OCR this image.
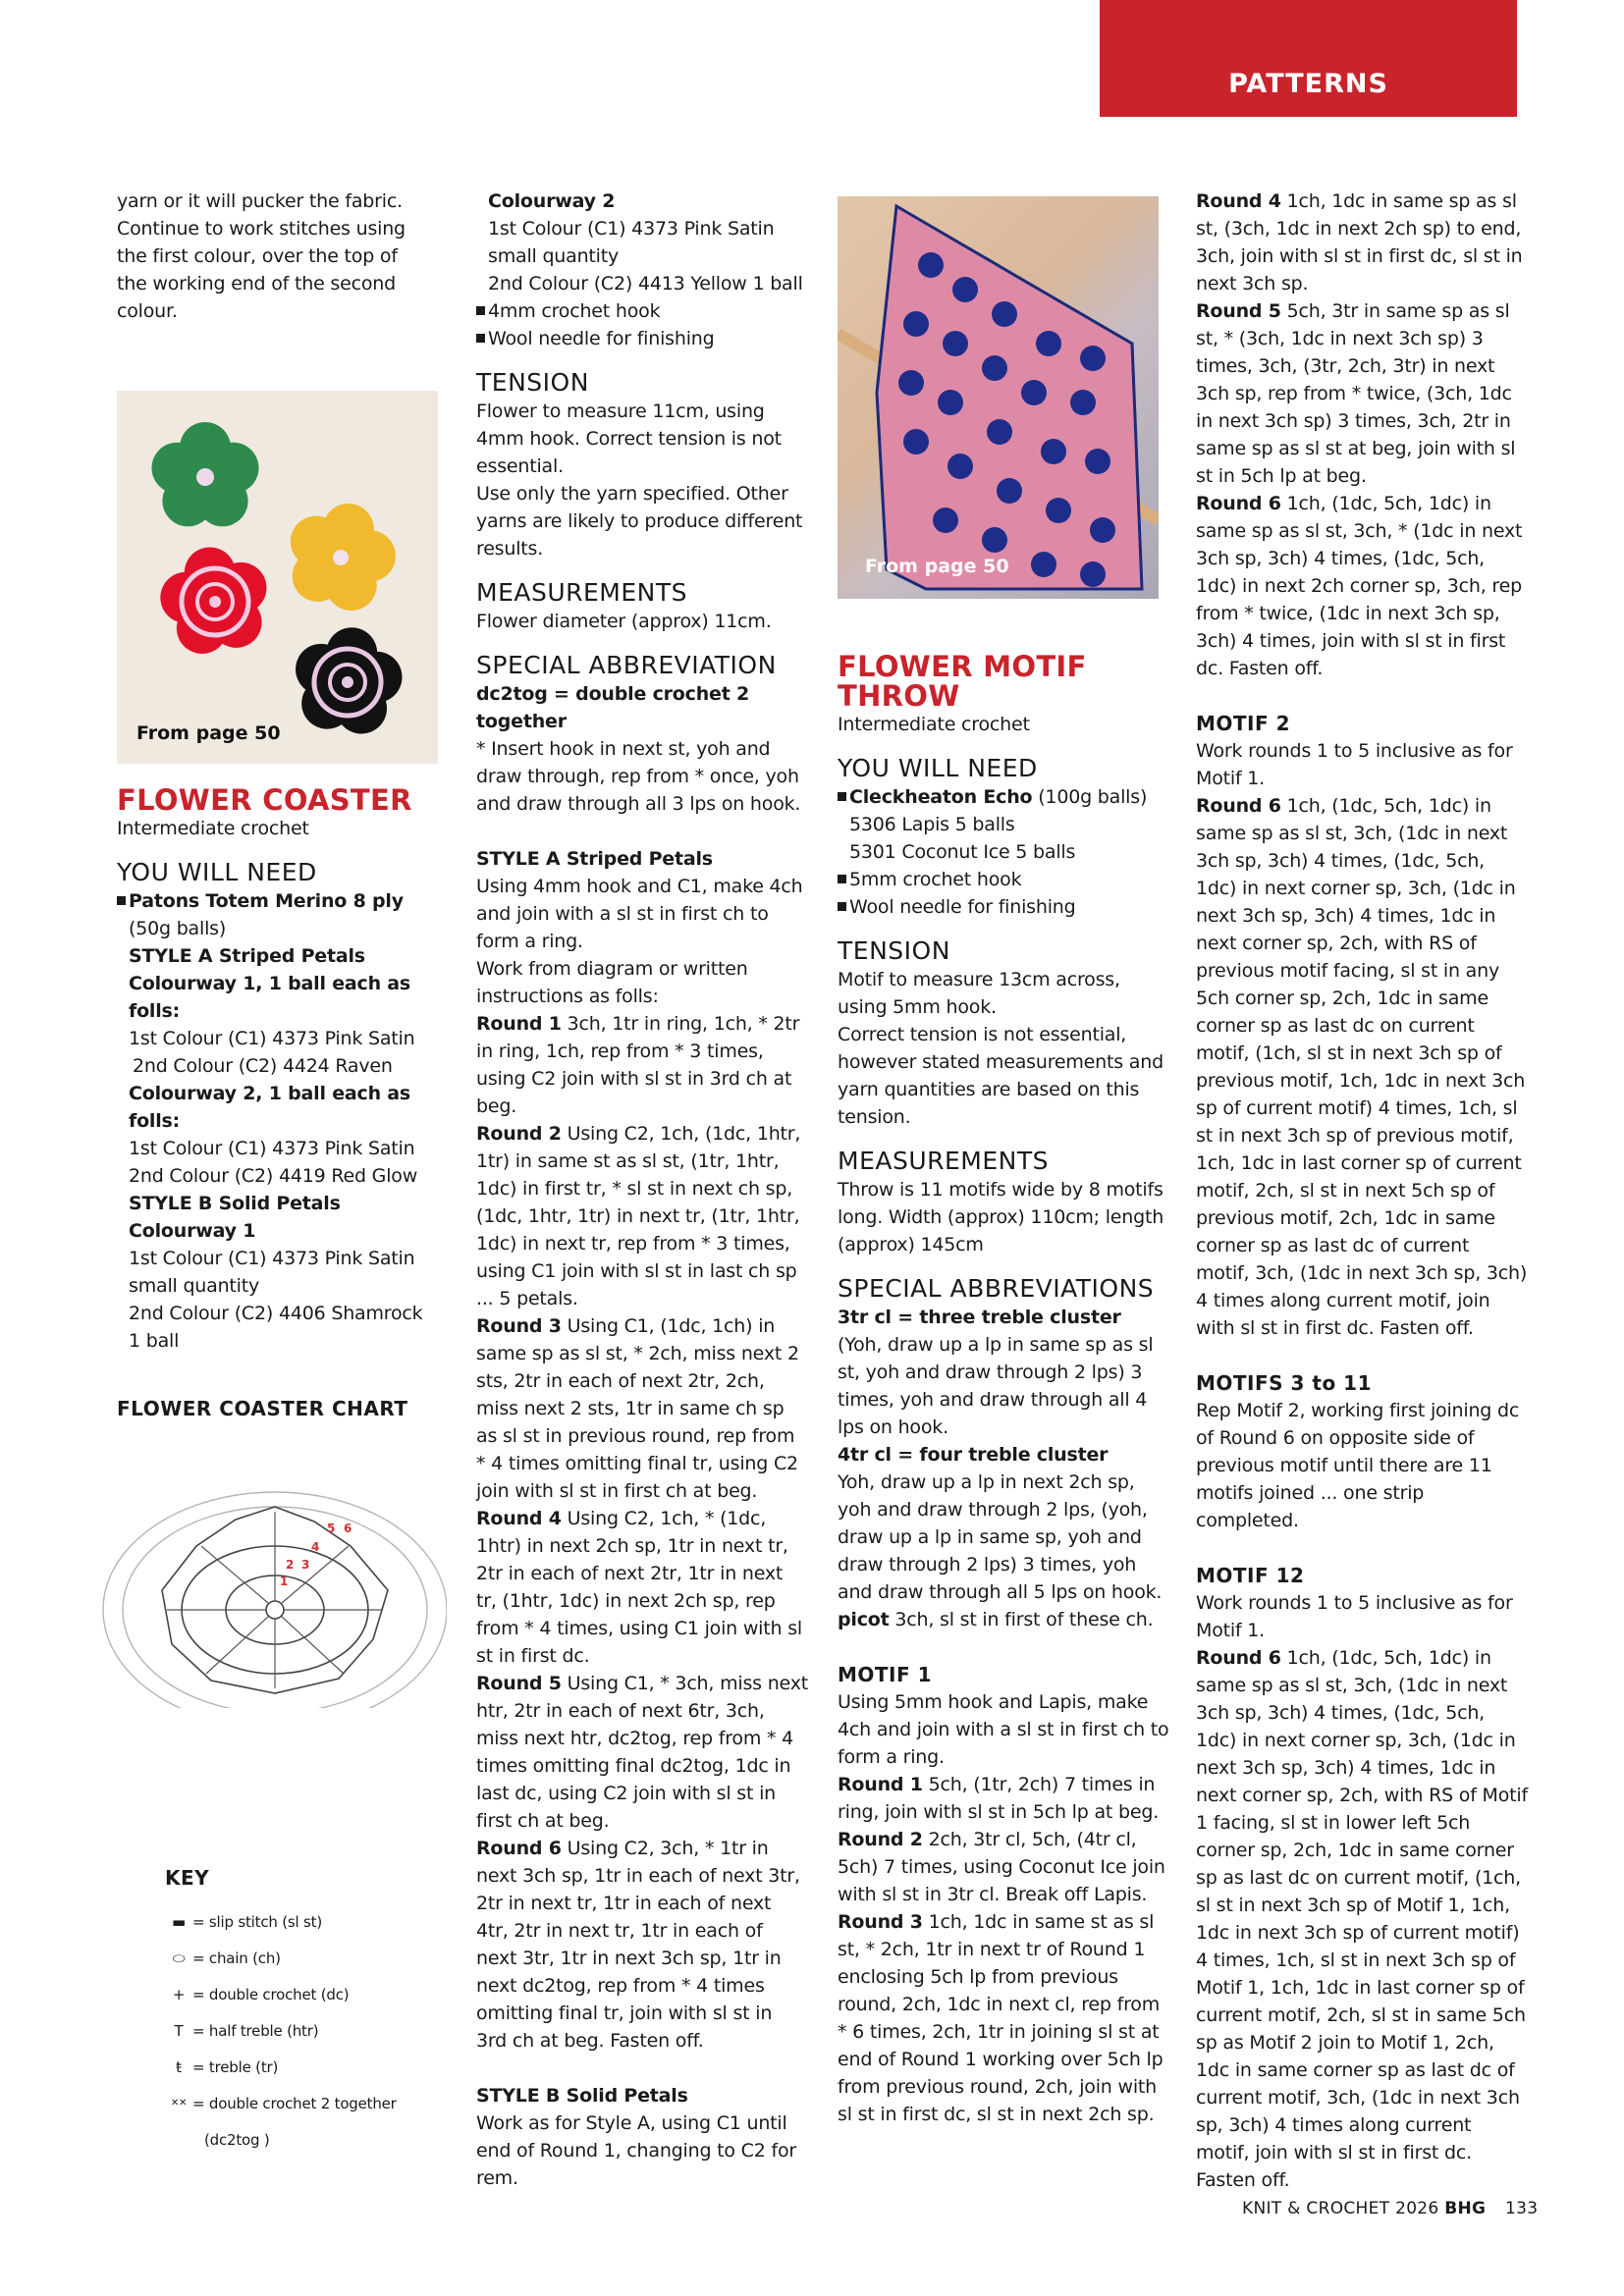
PATTERNS

yarn or it will pucker the fabric.

Continue to work stitches using

the first colour, over the top of

the working end of the second

colour.

From page 50

FLOWER COASTER

Intermediate crochet

YOU WILL NEED

Patons Totem Merino 8 ply

(50g balls)

STYLE A Striped Petals

Colourway 1, 1 ball each as folls:

1st Colour (C1) 4373 Pink Satin

2nd Colour (C2) 4424 Raven

Colourway 2, 1 ball each as folls:

1st Colour (C1) 4373 Pink Satin

2nd Colour (C2) 4419 Red Glow

STYLE B Solid Petals

Colourway 1

1st Colour (C1) 4373 Pink Satin

small quantity

2nd Colour (C2) 4406 Shamrock

1 ball

FLOWER COASTER CHART

1
2 3
4
5 6

KEY

▬ = slip stitch (sl st)
⬭ = chain (ch)
+ = double crochet (dc)
T = half treble (htr)
ŧ = treble (tr)
✕✕ = double crochet 2 together
(dc2tog )

Colourway 2

1st Colour (C1) 4373 Pink Satin

small quantity

2nd Colour (C2) 4413 Yellow 1 ball

4mm crochet hook

Wool needle for finishing

TENSION

Flower to measure 11cm, using 4mm hook. Correct tension is not essential.

Use only the yarn specified. Other yarns are likely to produce different results.

MEASUREMENTS

Flower diameter (approx) 11cm.

SPECIAL ABBREVIATION

dc2tog = double crochet 2 together

* Insert hook in next st, yoh and draw through, rep from * once, yoh and draw through all 3 lps on hook.

STYLE A Striped Petals

Using 4mm hook and C1, make 4ch and join with a sl st in first ch to form a ring.

Work from diagram or written instructions as folls:

Round 1 3ch, 1tr in ring, 1ch, * 2tr in ring, 1ch, rep from * 3 times, using C2 join with sl st in 3rd ch at beg.

Round 2 Using C2, 1ch, (1dc, 1htr, 1tr) in same st as sl st, (1tr, 1htr, 1dc) in first tr, * sl st in next ch sp, (1dc, 1htr, 1tr) in next tr, (1tr, 1htr, 1dc) in next tr, rep from * 3 times, using C1 join with sl st in last ch sp ... 5 petals.

Round 3 Using C1, (1dc, 1ch) in same sp as sl st, * 2ch, miss next 2 sts, 2tr in each of next 2tr, 2ch, miss next 2 sts, 1tr in same ch sp as sl st in previous round, rep from * 4 times omitting final tr, using C2 join with sl st in first ch at beg.

Round 4 Using C2, 1ch, * (1dc, 1htr) in next 2ch sp, 1tr in next tr, 2tr in each of next 2tr, 1tr in next tr, (1htr, 1dc) in next 2ch sp, rep from * 4 times, using C1 join with sl st in first dc.

Round 5 Using C1, * 3ch, miss next htr, 2tr in each of next 6tr, 3ch, miss next htr, dc2tog, rep from * 4 times omitting final dc2tog, 1dc in last dc, using C2 join with sl st in first ch at beg.

Round 6 Using C2, 3ch, * 1tr in next 3ch sp, 1tr in each of next 3tr, 2tr in next tr, 1tr in each of next 4tr, 2tr in next tr, 1tr in each of next 3tr, 1tr in next 3ch sp, 1tr in next dc2tog, rep from * 4 times omitting final tr, join with sl st in 3rd ch at beg. Fasten off.

STYLE B Solid Petals

Work as for Style A, using C1 until end of Round 1, changing to C2 for rem.

From page 50

FLOWER MOTIF

THROW

Intermediate crochet

YOU WILL NEED

Cleckheaton Echo (100g balls)

5306 Lapis 5 balls

5301 Coconut Ice 5 balls

5mm crochet hook

Wool needle for finishing

TENSION

Motif to measure 13cm across, using 5mm hook.

Correct tension is not essential, however stated measurements and yarn quantities are based on this tension.

MEASUREMENTS

Throw is 11 motifs wide by 8 motifs long. Width (approx) 110cm; length (approx) 145cm

SPECIAL ABBREVIATIONS

3tr cl = three treble cluster

(Yoh, draw up a lp in same sp as sl st, yoh and draw through 2 lps) 3 times, yoh and draw through all 4 lps on hook.

4tr cl = four treble cluster

Yoh, draw up a lp in next 2ch sp, yoh and draw through 2 lps, (yoh, draw up a lp in same sp, yoh and draw through 2 lps) 3 times, yoh and draw through all 5 lps on hook.

picot 3ch, sl st in first of these ch.

MOTIF 1

Using 5mm hook and Lapis, make 4ch and join with a sl st in first ch to form a ring.

Round 1 5ch, (1tr, 2ch) 7 times in ring, join with sl st in 5ch lp at beg.

Round 2 2ch, 3tr cl, 5ch, (4tr cl, 5ch) 7 times, using Coconut Ice join with sl st in 3tr cl. Break off Lapis.

Round 3 1ch, 1dc in same st as sl st, * 2ch, 1tr in next tr of Round 1 enclosing 5ch lp from previous round, 2ch, 1dc in next cl, rep from * 6 times, 2ch, 1tr in joining sl st at end of Round 1 working over 5ch lp from previous round, 2ch, join with sl st in first dc, sl st in next 2ch sp.

Round 4 1ch, 1dc in same sp as sl st, (3ch, 1dc in next 2ch sp) to end, 3ch, join with sl st in first dc, sl st in next 3ch sp.

Round 5 5ch, 3tr in same sp as sl st, * (3ch, 1dc in next 3ch sp) 3 times, 3ch, (3tr, 2ch, 3tr) in next 3ch sp, rep from * twice, (3ch, 1dc in next 3ch sp) 3 times, 3ch, 2tr in same sp as sl st at beg, join with sl st in 5ch lp at beg.

Round 6 1ch, (1dc, 5ch, 1dc) in same sp as sl st, 3ch, * (1dc in next 3ch sp, 3ch) 4 times, (1dc, 5ch, 1dc) in next 2ch corner sp, 3ch, rep from * twice, (1dc in next 3ch sp, 3ch) 4 times, join with sl st in first dc. Fasten off.

MOTIF 2

Work rounds 1 to 5 inclusive as for Motif 1.

Round 6 1ch, (1dc, 5ch, 1dc) in same sp as sl st, 3ch, (1dc in next 3ch sp, 3ch) 4 times, (1dc, 5ch, 1dc) in next corner sp, 3ch, (1dc in next 3ch sp, 3ch) 4 times, 1dc in next corner sp, 2ch, with RS of previous motif facing, sl st in any 5ch corner sp, 2ch, 1dc in same corner sp as last dc on current motif, (1ch, sl st in next 3ch sp of previous motif, 1ch, 1dc in next 3ch sp of current motif) 4 times, 1ch, sl st in next 3ch sp of previous motif, 1ch, 1dc in last corner sp of current motif, 2ch, sl st in next 5ch sp of previous motif, 2ch, 1dc in same corner sp as last dc of current motif, 3ch, (1dc in next 3ch sp, 3ch) 4 times along current motif, join with sl st in first dc. Fasten off.

MOTIFS 3 to 11

Rep Motif 2, working first joining dc of Round 6 on opposite side of previous motif until there are 11 motifs joined ... one strip completed.

MOTIF 12

Work rounds 1 to 5 inclusive as for Motif 1.

Round 6 1ch, (1dc, 5ch, 1dc) in same sp as sl st, 3ch, (1dc in next 3ch sp, 3ch) 4 times, (1dc, 5ch, 1dc) in next corner sp, 3ch, (1dc in next 3ch sp, 3ch) 4 times, 1dc in next corner sp, 2ch, with RS of Motif 1 facing, sl st in lower left 5ch corner sp, 2ch, 1dc in same corner sp as last dc on current motif, (1ch, sl st in next 3ch sp of Motif 1, 1ch, 1dc in next 3ch sp of current motif) 4 times, 1ch, sl st in next 3ch sp of Motif 1, 1ch, 1dc in last corner sp of current motif, 2ch, sl st in same 5ch sp as Motif 2 join to Motif 1, 2ch, 1dc in same corner sp as last dc of current motif, 3ch, (1dc in next 3ch sp, 3ch) 4 times along current motif, join with sl st in first dc. Fasten off.

KNIT & CROCHET 2026 BHG 133
